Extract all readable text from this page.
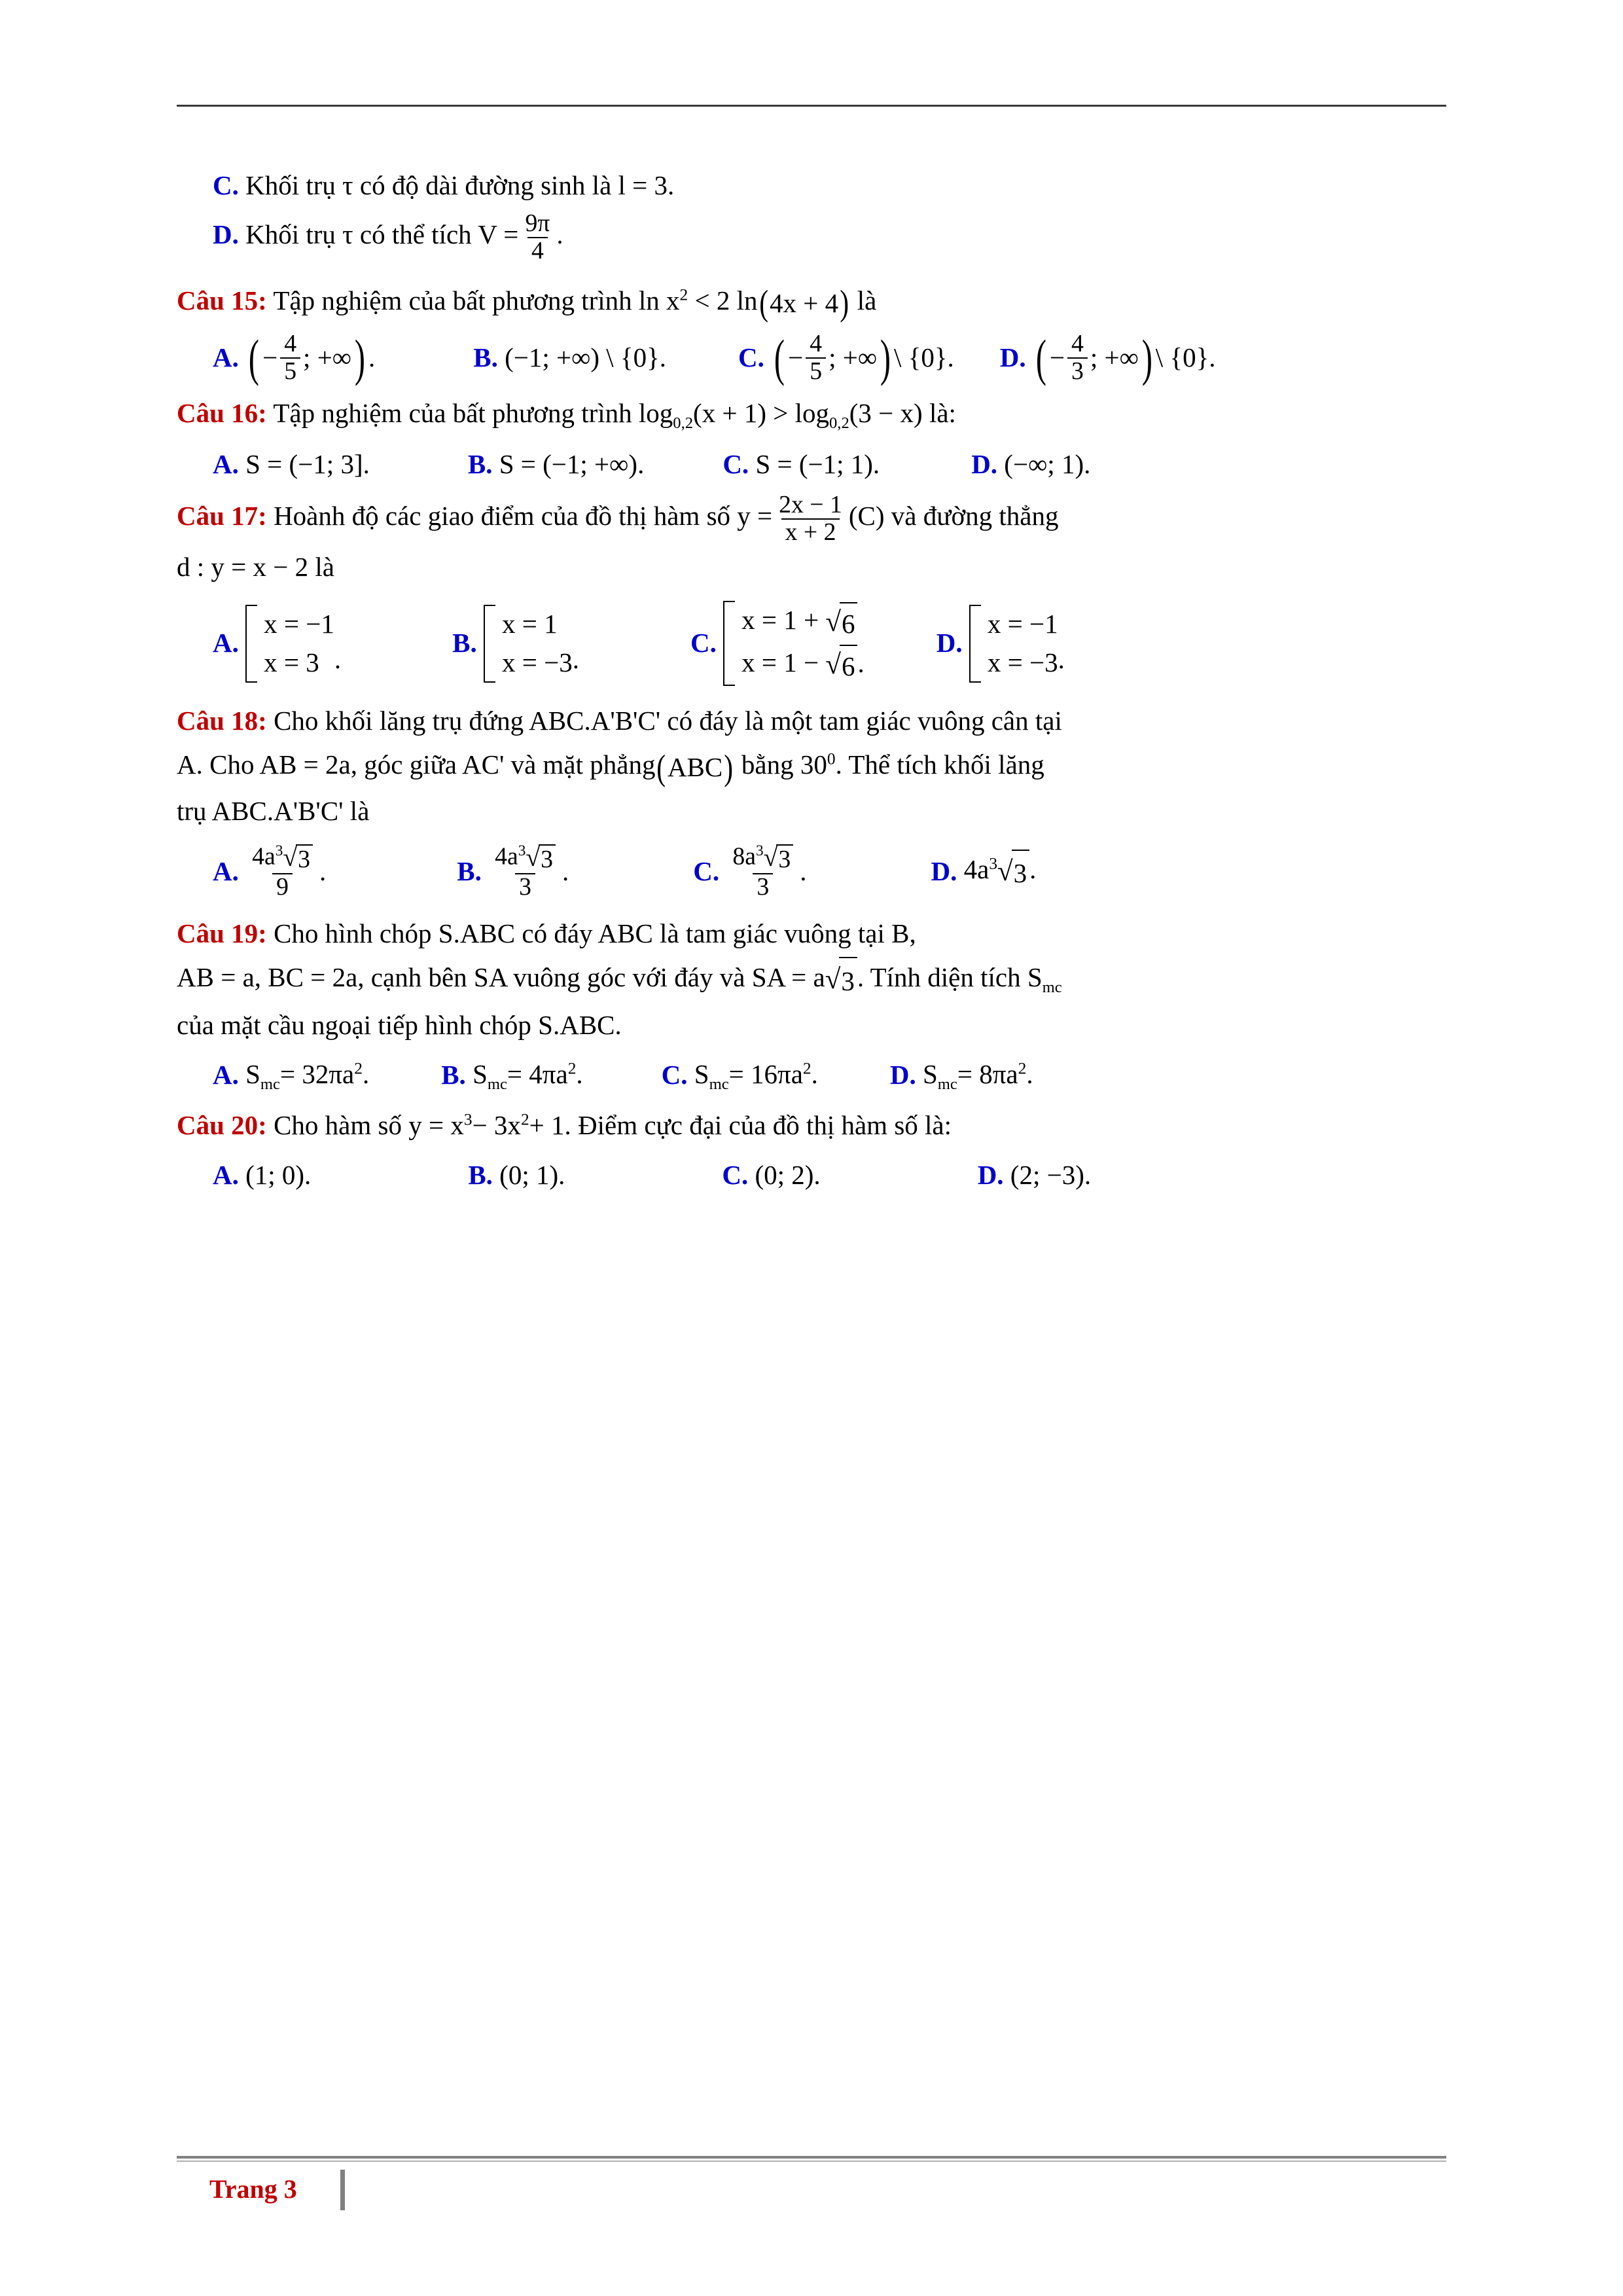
C. Khối trụ τ có độ dài đường sinh là l = 3.

D. Khối trụ τ có thể tích $V = \frac{9\pi}{4}$ .

Câu 15: Tập nghiệm của bất phương trình $\ln x^2 < 2$ ln ( 4x + 4 ) là

A.
( − $\frac{4}{5}$ ; +∞ ) .	B.
(−1; +∞) \ {0}.	C.
( − $\frac{4}{5}$ ; +∞ ) \ {0}. D.
( − $\frac{4}{3}$ ; +∞ ) \ {0}.

Câu 16: Tập nghiệm của bất phương trình $\log_{0,2}(x + 1) > \log_{0,2}(3 - x)$ là:

A.
S = (−1; 3].	B.
S = (−1; +∞).	C.
S = (−1; 1).	D.
(−∞; 1).

Câu 17: Hoành độ các giao điểm của đồ thị hàm số $y = \frac{2x - 1}{x + 2} (C)$ và đường thẳng

d : y = x − 2 là

A.

x = −1
x = 3 .
B.

x = 1
x = −3 .
C.

x = 1 + √ 6
x = 1 − √ 6 .
D.

x = −1
x = −3 .

Câu 18: Cho khối lăng trụ đứng ABC.A'B'C' có đáy là một tam giác vuông cân tại

A. Cho AB = 2a, góc giữa AC' và mặt phẳng ( ABC ) bằng $30^0$. Thể tích khối lăng

trụ ABC.A'B'C' là

A.
$\frac{4a^3 √ 3}{9}$ .	B.
$\frac{4a^3 √ 3}{3}$ .	C.
$\frac{8a^3 √ 3}{3}$ .	D.
$4a^3$ √ 3 .

Câu 19: Cho hình chóp S.ABC có đáy ABC là tam giác vuông tại B,

AB = a, BC = 2a, cạnh bên SA vuông góc với đáy và SA = a √ 3 . Tính diện tích $S_{mc}$

của mặt cầu ngoại tiếp hình chóp S.ABC.

A.
$S_{mc}= 32\pi a^2$.	B.
$S_{mc}= 4\pi a^2$.	C.
$S_{mc}= 16\pi a^2$.	D.
$S_{mc}= 8\pi a^2$.

Câu 20: Cho hàm số $y = x^3- 3x^2+ 1$. Điểm cực đại của đồ thị hàm số là:

A.
(1; 0).	B.
(0; 1).	C.
(0; 2).	D.
(2; −3).
Trang 3
